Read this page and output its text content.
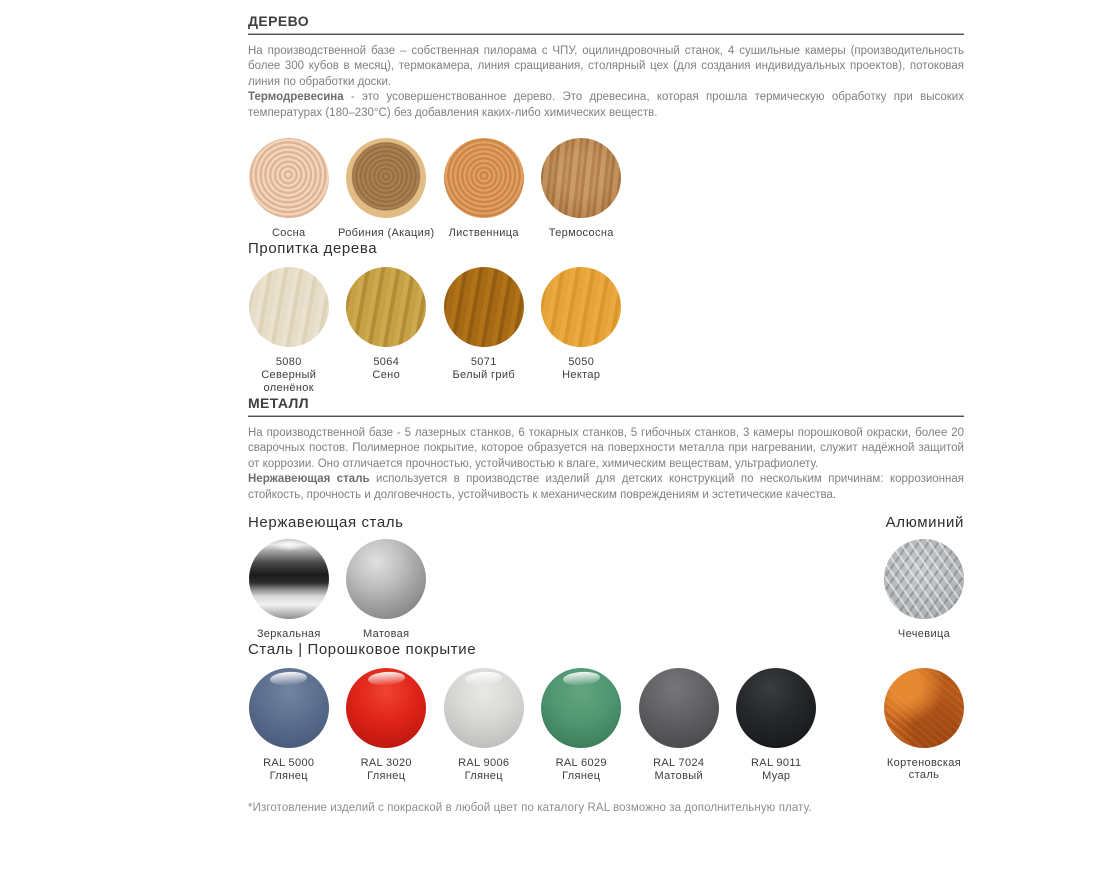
ДЕРЕВО

На производственной базе – собственная пилорама с ЧПУ, оцилиндровочный станок, 4 сушильные камеры (производительность более 300 кубов в месяц), термокамера, линия сращивания, столярный цех (для создания индивидуальных проектов), потоковая линия по обработки доски.

Термодревесина - это усовершенствованное дерево. Это древесина, которая прошла термическую обработку при высоких температурах (180–230°С) без добавления каких-либо химических веществ.

Сосна	Робиния (Акация)	Лиственница	Термососна
Пропитка дерева
5080
Северный оленёнок
5064
Сено
5071
Белый гриб
5050
Нектар
МЕТАЛЛ

На производственной базе - 5 лазерных станков, 6 токарных станков, 5 гибочных станков, 3 камеры порошковой окраски, более 20 сварочных постов. Полимерное покрытие, которое образуется на поверхности металла при нагревании, служит надёжной защитой от коррозии. Оно отличается прочностью, устойчивостью к влаге, химическим веществам, ультрафиолету.

Нержавеющая сталь используется в производстве изделий для детских конструкций по нескольким причинам: коррозионная стойкость, прочность и долговечность, устойчивость к механическим повреждениям и эстетические качества.

Нержавеющая сталь	Алюминий
Зеркальная	Матовая	Чечевица
Сталь | Порошковое покрытие
RAL 5000
Глянец
RAL 3020
Глянец
RAL 9006
Глянец
RAL 6029
Глянец
RAL 7024
Матовый
RAL 9011
Муар
Кортеновская сталь

*Изготовление изделий с покраской в любой цвет по каталогу RAL возможно за дополнительную плату.
